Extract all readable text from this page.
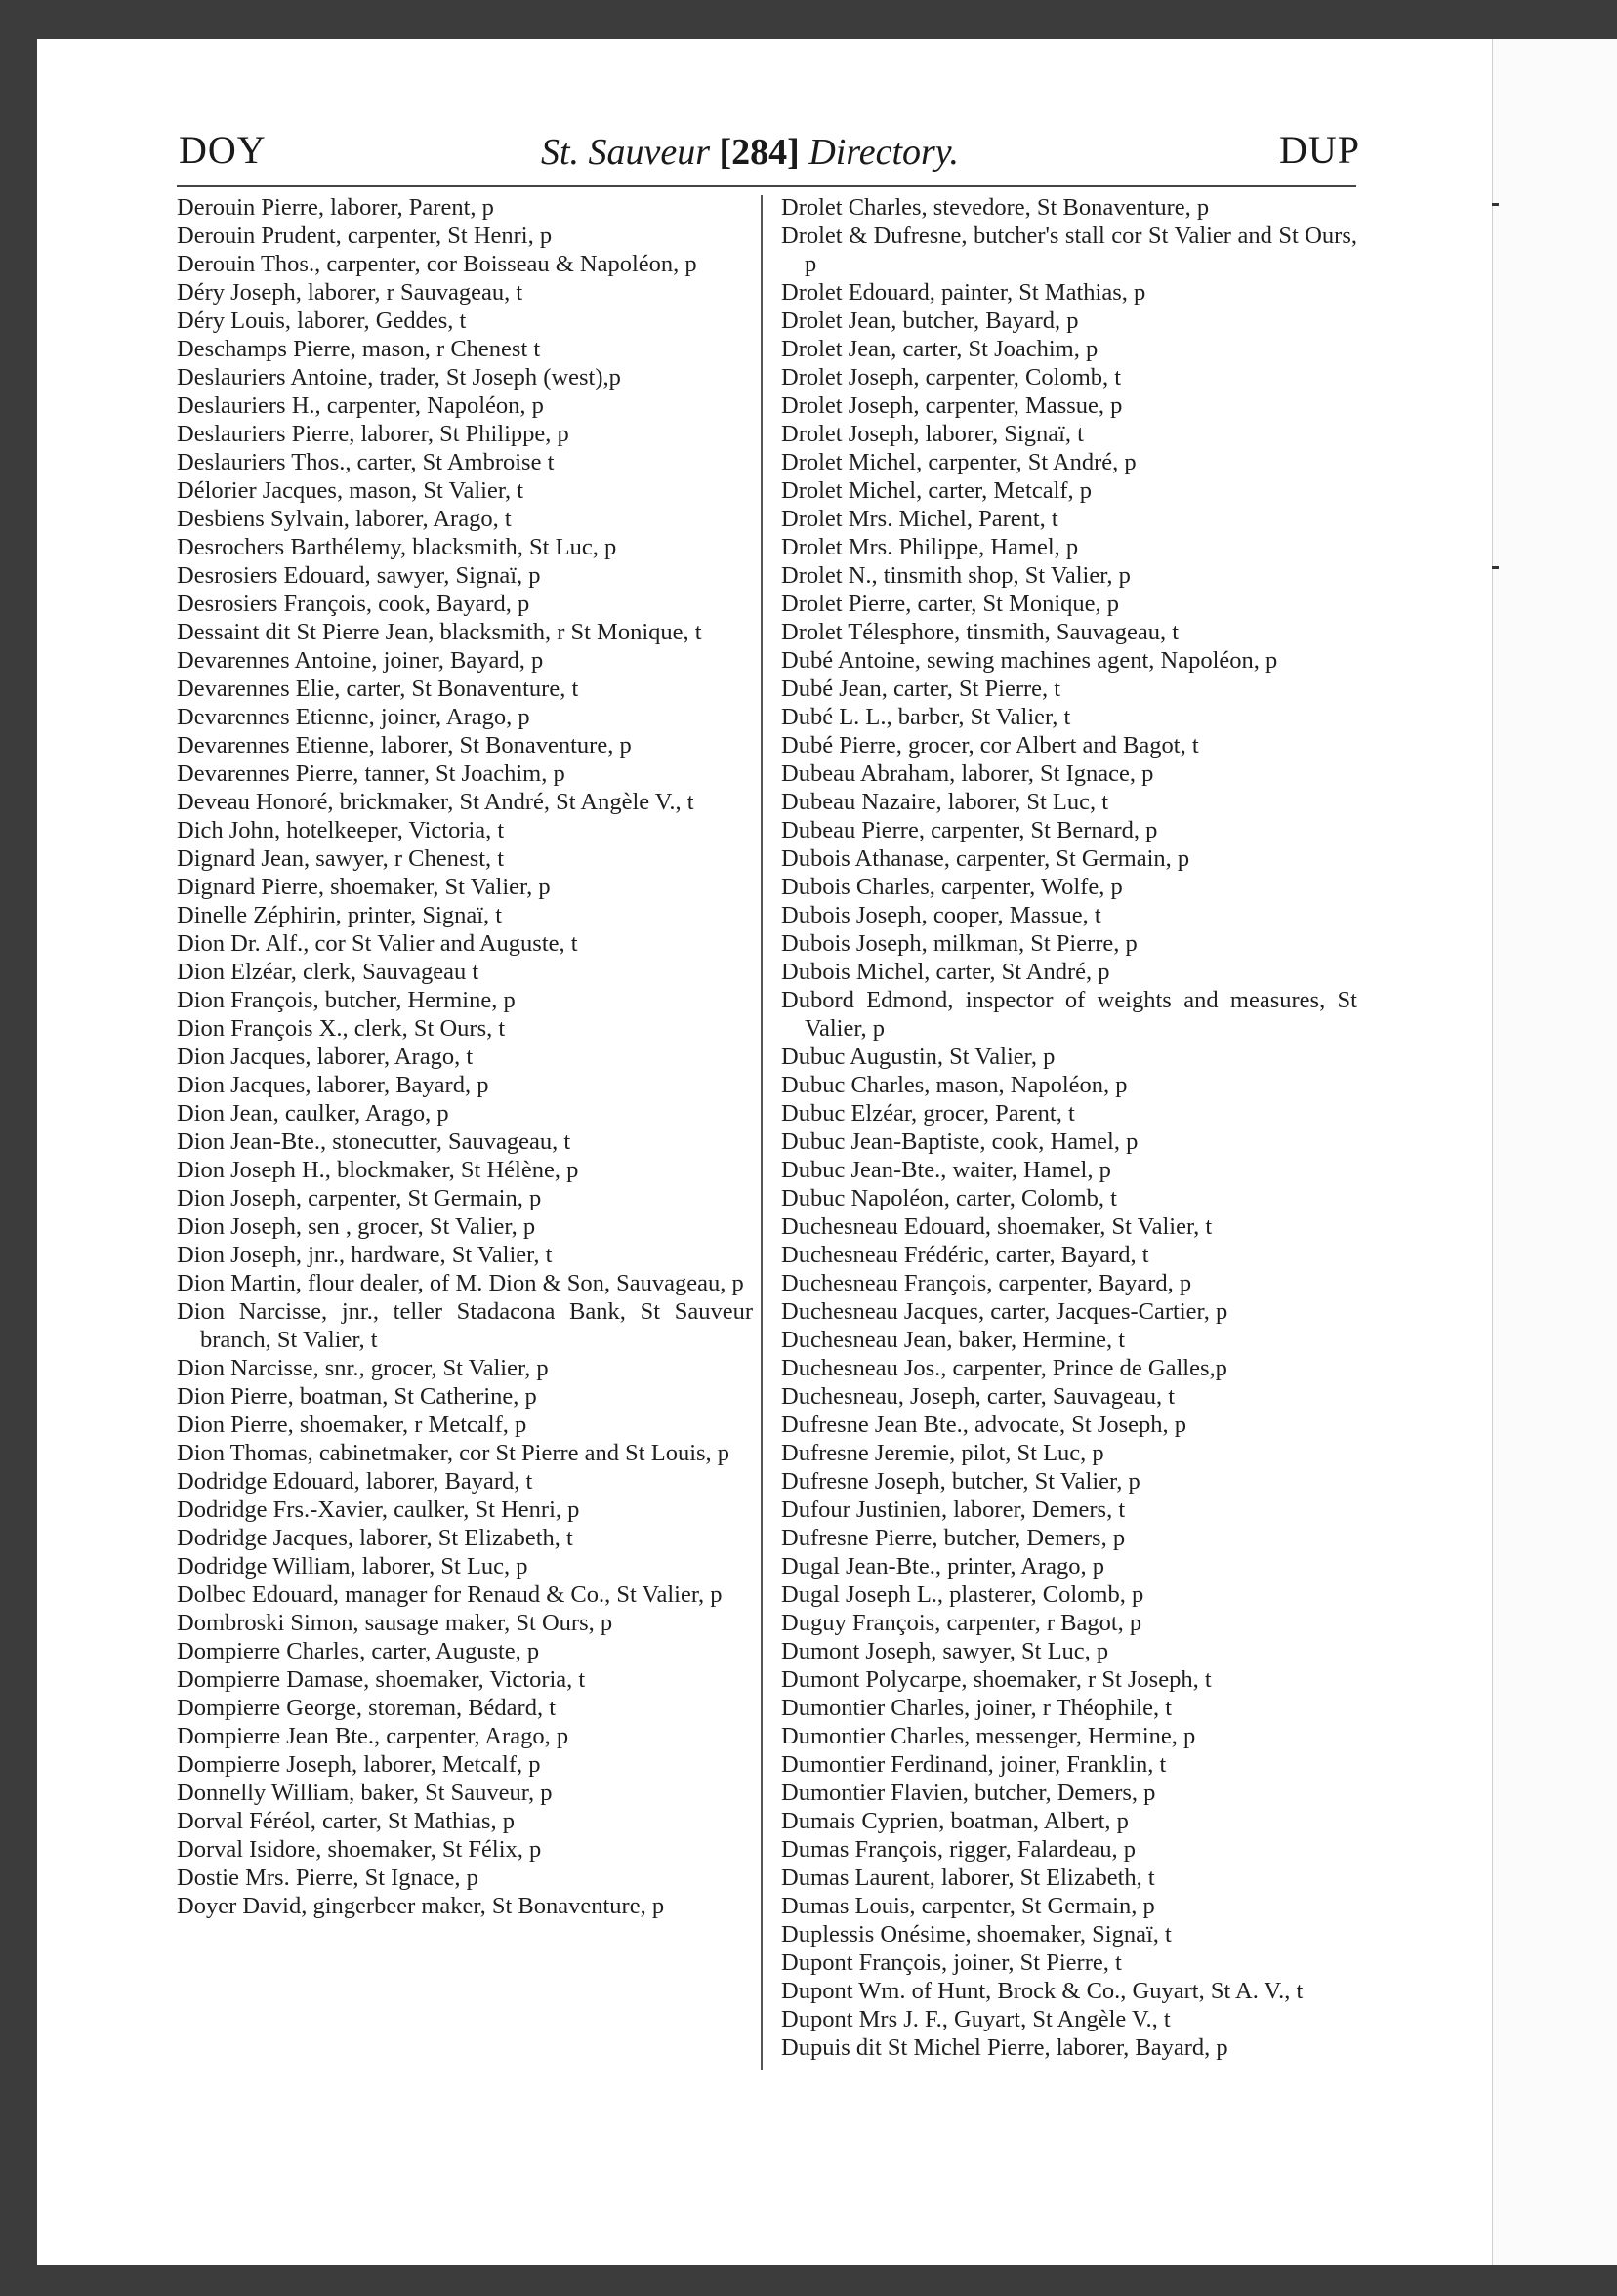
DOY	St. Sauveur [284] Directory.	DUP
Derouin Pierre, laborer, Parent, p
Derouin Prudent, carpenter, St Henri, p
Derouin Thos., carpenter, cor Boisseau & Napoléon, p
Déry Joseph, laborer, r Sauvageau, t
Déry Louis, laborer, Geddes, t
Deschamps Pierre, mason, r Chenest t
Deslauriers Antoine, trader, St Joseph (west),p
Deslauriers H., carpenter, Napoléon, p
Deslauriers Pierre, laborer, St Philippe, p
Deslauriers Thos., carter, St Ambroise t
Délorier Jacques, mason, St Valier, t
Desbiens Sylvain, laborer, Arago, t
Desrochers Barthélemy, blacksmith, St Luc, p
Desrosiers Edouard, sawyer, Signaï, p
Desrosiers François, cook, Bayard, p
Dessaint dit St Pierre Jean, blacksmith, r St Monique, t
Devarennes Antoine, joiner, Bayard, p
Devarennes Elie, carter, St Bonaventure, t
Devarennes Etienne, joiner, Arago, p
Devarennes Etienne, laborer, St Bonaventure, p
Devarennes Pierre, tanner, St Joachim, p
Deveau Honoré, brickmaker, St André, St Angèle V., t
Dich John, hotelkeeper, Victoria, t
Dignard Jean, sawyer, r Chenest, t
Dignard Pierre, shoemaker, St Valier, p
Dinelle Zéphirin, printer, Signaï, t
Dion Dr. Alf., cor St Valier and Auguste, t
Dion Elzéar, clerk, Sauvageau t
Dion François, butcher, Hermine, p
Dion François X., clerk, St Ours, t
Dion Jacques, laborer, Arago, t
Dion Jacques, laborer, Bayard, p
Dion Jean, caulker, Arago, p
Dion Jean-Bte., stonecutter, Sauvageau, t
Dion Joseph H., blockmaker, St Hélène, p
Dion Joseph, carpenter, St Germain, p
Dion Joseph, sen , grocer, St Valier, p
Dion Joseph, jnr., hardware, St Valier, t
Dion Martin, flour dealer, of M. Dion & Son, Sauvageau, p
Dion Narcisse, jnr., teller Stadacona Bank, St Sauveur branch, St Valier, t
Dion Narcisse, snr., grocer, St Valier, p
Dion Pierre, boatman, St Catherine, p
Dion Pierre, shoemaker, r Metcalf, p
Dion Thomas, cabinetmaker, cor St Pierre and St Louis, p
Dodridge Edouard, laborer, Bayard, t
Dodridge Frs.-Xavier, caulker, St Henri, p
Dodridge Jacques, laborer, St Elizabeth, t
Dodridge William, laborer, St Luc, p
Dolbec Edouard, manager for Renaud & Co., St Valier, p
Dombroski Simon, sausage maker, St Ours, p
Dompierre Charles, carter, Auguste, p
Dompierre Damase, shoemaker, Victoria, t
Dompierre George, storeman, Bédard, t
Dompierre Jean Bte., carpenter, Arago, p
Dompierre Joseph, laborer, Metcalf, p
Donnelly William, baker, St Sauveur, p
Dorval Féréol, carter, St Mathias, p
Dorval Isidore, shoemaker, St Félix, p
Dostie Mrs. Pierre, St Ignace, p
Doyer David, gingerbeer maker, St Bonaventure, p
Drolet Charles, stevedore, St Bonaventure, p
Drolet & Dufresne, butcher's stall cor St Valier and St Ours, p
Drolet Edouard, painter, St Mathias, p
Drolet Jean, butcher, Bayard, p
Drolet Jean, carter, St Joachim, p
Drolet Joseph, carpenter, Colomb, t
Drolet Joseph, carpenter, Massue, p
Drolet Joseph, laborer, Signaï, t
Drolet Michel, carpenter, St André, p
Drolet Michel, carter, Metcalf, p
Drolet Mrs. Michel, Parent, t
Drolet Mrs. Philippe, Hamel, p
Drolet N., tinsmith shop, St Valier, p
Drolet Pierre, carter, St Monique, p
Drolet Télesphore, tinsmith, Sauvageau, t
Dubé Antoine, sewing machines agent, Napoléon, p
Dubé Jean, carter, St Pierre, t
Dubé L. L., barber, St Valier, t
Dubé Pierre, grocer, cor Albert and Bagot, t
Dubeau Abraham, laborer, St Ignace, p
Dubeau Nazaire, laborer, St Luc, t
Dubeau Pierre, carpenter, St Bernard, p
Dubois Athanase, carpenter, St Germain, p
Dubois Charles, carpenter, Wolfe, p
Dubois Joseph, cooper, Massue, t
Dubois Joseph, milkman, St Pierre, p
Dubois Michel, carter, St André, p
Dubord Edmond, inspector of weights and measures, St Valier, p
Dubuc Augustin, St Valier, p
Dubuc Charles, mason, Napoléon, p
Dubuc Elzéar, grocer, Parent, t
Dubuc Jean-Baptiste, cook, Hamel, p
Dubuc Jean-Bte., waiter, Hamel, p
Dubuc Napoléon, carter, Colomb, t
Duchesneau Edouard, shoemaker, St Valier, t
Duchesneau Frédéric, carter, Bayard, t
Duchesneau François, carpenter, Bayard, p
Duchesneau Jacques, carter, Jacques-Cartier, p
Duchesneau Jean, baker, Hermine, t
Duchesneau Jos., carpenter, Prince de Galles,p
Duchesneau, Joseph, carter, Sauvageau, t
Dufresne Jean Bte., advocate, St Joseph, p
Dufresne Jeremie, pilot, St Luc, p
Dufresne Joseph, butcher, St Valier, p
Dufour Justinien, laborer, Demers, t
Dufresne Pierre, butcher, Demers, p
Dugal Jean-Bte., printer, Arago, p
Dugal Joseph L., plasterer, Colomb, p
Duguy François, carpenter, r Bagot, p
Dumont Joseph, sawyer, St Luc, p
Dumont Polycarpe, shoemaker, r St Joseph, t
Dumontier Charles, joiner, r Théophile, t
Dumontier Charles, messenger, Hermine, p
Dumontier Ferdinand, joiner, Franklin, t
Dumontier Flavien, butcher, Demers, p
Dumais Cyprien, boatman, Albert, p
Dumas François, rigger, Falardeau, p
Dumas Laurent, laborer, St Elizabeth, t
Dumas Louis, carpenter, St Germain, p
Duplessis Onésime, shoemaker, Signaï, t
Dupont François, joiner, St Pierre, t
Dupont Wm. of Hunt, Brock & Co., Guyart, St A. V., t
Dupont Mrs J. F., Guyart, St Angèle V., t
Dupuis dit St Michel Pierre, laborer, Bayard, p
